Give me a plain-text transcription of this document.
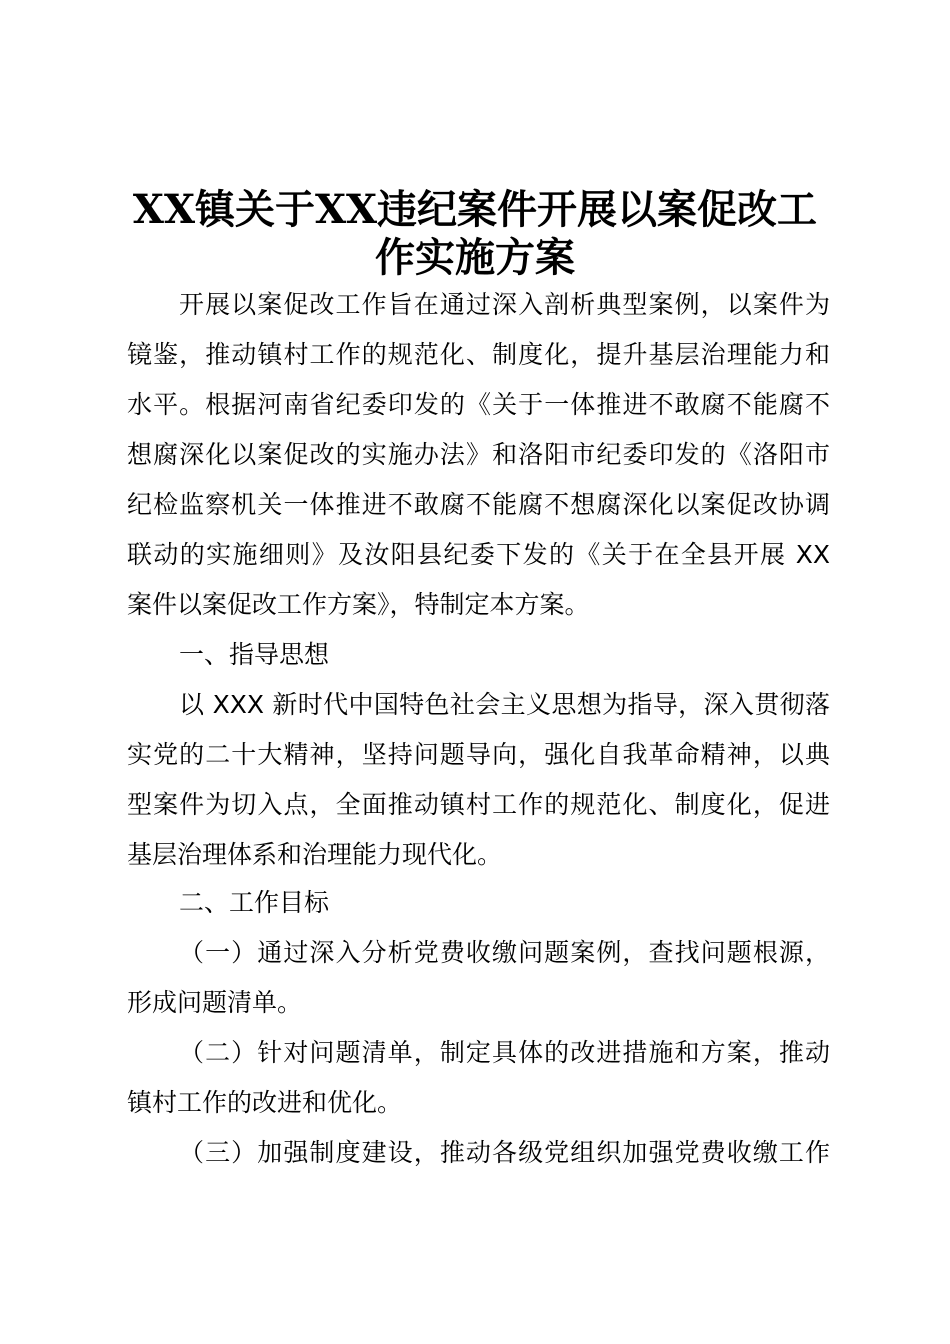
XX镇关于XX违纪案件开展以案促改工
作实施方案
开展以案促改工作旨在通过深入剖析典型案例，以案件为
镜鉴，推动镇村工作的规范化、制度化，提升基层治理能力和
水平。根据河南省纪委印发的《关于一体推进不敢腐不能腐不
想腐深化以案促改的实施办法》和洛阳市纪委印发的《洛阳市
纪检监察机关一体推进不敢腐不能腐不想腐深化以案促改协调
联动的实施细则》及汝阳县纪委下发的《关于在全县开展 XX
案件以案促改工作方案》，特制定本方案。
一、指导思想
以 XXX 新时代中国特色社会主义思想为指导，深入贯彻落
实党的二十大精神，坚持问题导向，强化自我革命精神，以典
型案件为切入点，全面推动镇村工作的规范化、制度化，促进
基层治理体系和治理能力现代化。
二、工作目标
（一）通过深入分析党费收缴问题案例，查找问题根源，
形成问题清单。
（二）针对问题清单，制定具体的改进措施和方案，推动
镇村工作的改进和优化。
（三）加强制度建设，推动各级党组织加强党费收缴工作
